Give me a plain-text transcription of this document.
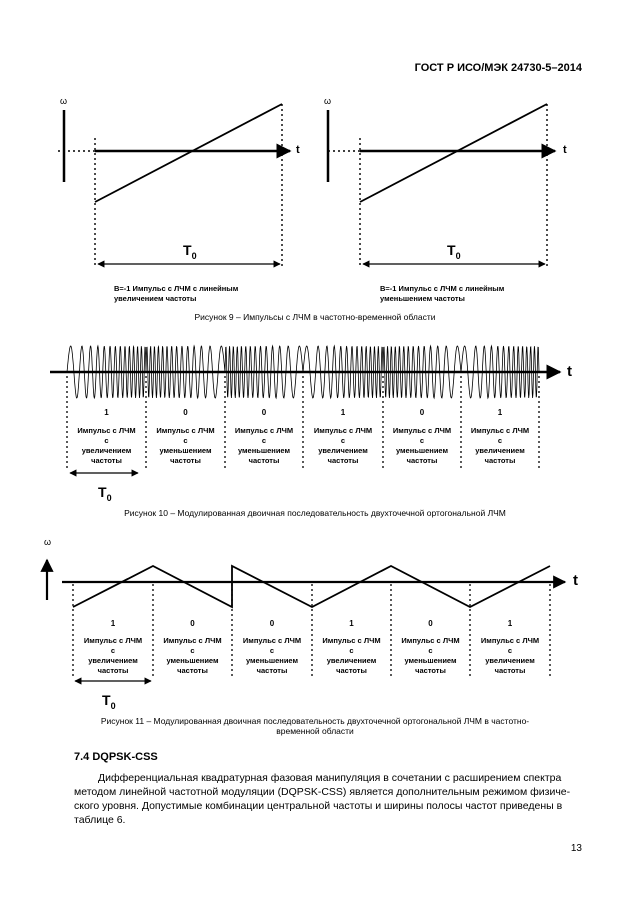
ГОСТ Р ИСО/МЭК 24730-5–2014
ω
t
$T_0$
B=-1 Импульс с ЛЧМ с линейным
увеличением частоты
ω
t
$T_0$
B=-1 Импульс с ЛЧМ с линейным
уменьшением частоты
Рисунок 9 – Импульсы с ЛЧМ в частотно-временной области
t
1
Импульс с ЛЧМ
с
увеличением
частоты
0
Импульс с ЛЧМ
с
уменьшением
частоты
0
Импульс с ЛЧМ
с
уменьшением
частоты
1
Импульс с ЛЧМ
с
увеличением
частоты
0
Импульс с ЛЧМ
с
уменьшением
частоты
1
Импульс с ЛЧМ
с
увеличением
частоты
$T_0$
Рисунок 10 – Модулированная двоичная последовательность двухточечной ортогональной ЛЧМ
ω
t
1
Импульс с ЛЧМ
с
увеличением
частоты
0
Импульс с ЛЧМ
с
уменьшением
частоты
0
Импульс с ЛЧМ
с
уменьшением
частоты
1
Импульс с ЛЧМ
с
увеличением
частоты
0
Импульс с ЛЧМ
с
уменьшением
частоты
1
Импульс с ЛЧМ
с
увеличением
частоты
$T_0$
Рисунок 11 – Модулированная двоичная последовательность двухточечной ортогональной ЛЧМ в частотно-
временной области
7.4 DQPSK-CSS
Дифференциальная квадратурная фазовая манипуляция в сочетании с расширением спектра
методом линейной частотной модуляции (DQPSK-CSS) является дополнительным режимом физиче-
ского уровня. Допустимые комбинации центральной частоты и ширины полосы частот приведены в
таблице 6.
13
